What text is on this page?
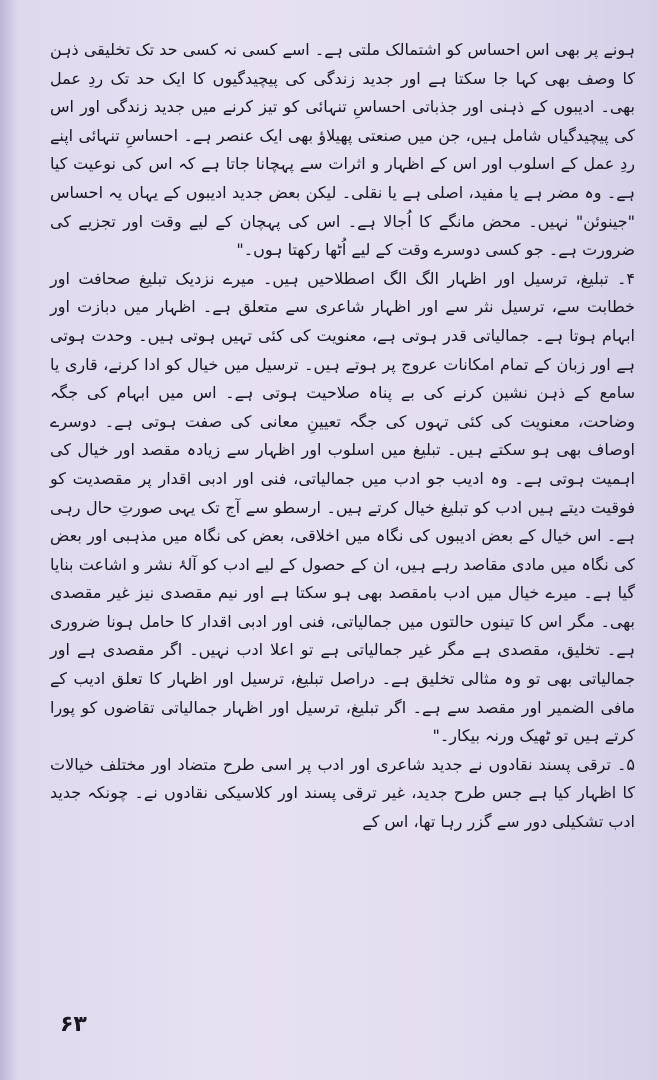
ہونے پر بھی اس احساس کو اشتمالک ملتی ہے۔ اسے کسی نہ کسی حد تک تخلیقی ذہن کا وصف بھی کہا جا سکتا ہے اور جدید زندگی کی پیچیدگیوں کا ایک حد تک ردِ عمل بھی۔ ادیبوں کے ذہنی اور جذباتی احساسِ تنہائی کو تیز کرنے میں جدید زندگی اور اس کی پیچیدگیاں شامل ہیں، جن میں صنعتی پھیلاؤ بھی ایک عنصر ہے۔ احساسِ تنہائی اپنے ردِ عمل کے اسلوب اور اس کے اظہار و اثرات سے پہچانا جاتا ہے کہ اس کی نوعیت کیا ہے۔ وہ مضر ہے یا مفید، اصلی ہے یا نقلی۔ لیکن بعض جدید ادیبوں کے یہاں یہ احساس "جینوئن" نہیں۔ محض مانگے کا اُجالا ہے۔ اس کی پہچان کے لیے وقت اور تجزیے کی ضرورت ہے۔ جو کسی دوسرے وقت کے لیے اُٹھا رکھتا ہوں۔"

۴۔ تبلیغ، ترسیل اور اظہار الگ الگ اصطلاحیں ہیں۔ میرے نزدیک تبلیغ صحافت اور خطابت سے، ترسیل نثر سے اور اظہار شاعری سے متعلق ہے۔ اظہار میں دبازت اور ابہام ہوتا ہے۔ جمالیاتی قدر ہوتی ہے، معنویت کی کئی تہیں ہوتی ہیں۔ وحدت ہوتی ہے اور زبان کے تمام امکانات عروج پر ہوتے ہیں۔ ترسیل میں خیال کو ادا کرنے، قاری یا سامع کے ذہن نشین کرنے کی بے پناہ صلاحیت ہوتی ہے۔ اس میں ابہام کی جگہ وضاحت، معنویت کی کئی تہوں کی جگہ تعیینِ معانی کی صفت ہوتی ہے۔ دوسرے اوصاف بھی ہو سکتے ہیں۔ تبلیغ میں اسلوب اور اظہار سے زیادہ مقصد اور خیال کی اہمیت ہوتی ہے۔ وہ ادیب جو ادب میں جمالیاتی، فنی اور ادبی اقدار پر مقصدیت کو فوقیت دیتے ہیں ادب کو تبلیغ خیال کرتے ہیں۔ ارسطو سے آج تک یہی صورتِ حال رہی ہے۔ اس خیال کے بعض ادیبوں کی نگاہ میں اخلاقی، بعض کی نگاہ میں مذہبی اور بعض کی نگاہ میں مادی مقاصد رہے ہیں، ان کے حصول کے لیے ادب کو آلۂ نشر و اشاعت بنایا گیا ہے۔ میرے خیال میں ادب بامقصد بھی ہو سکتا ہے اور نیم مقصدی نیز غیر مقصدی بھی۔ مگر اس کا تینوں حالتوں میں جمالیاتی، فنی اور ادبی اقدار کا حامل ہونا ضروری ہے۔ تخلیق، مقصدی ہے مگر غیر جمالیاتی ہے تو اعلا ادب نہیں۔ اگر مقصدی ہے اور جمالیاتی بھی تو وہ مثالی تخلیق ہے۔ دراصل تبلیغ، ترسیل اور اظہار کا تعلق ادیب کے مافی الضمیر اور مقصد سے ہے۔ اگر تبلیغ، ترسیل اور اظہار جمالیاتی تقاضوں کو پورا کرتے ہیں تو ٹھیک ورنہ بیکار۔"

۵۔ ترقی پسند نقادوں نے جدید شاعری اور ادب پر اسی طرح متضاد اور مختلف خیالات کا اظہار کیا ہے جس طرح جدید، غیر ترقی پسند اور کلاسیکی نقادوں نے۔ چونکہ جدید ادب تشکیلی دور سے گزر رہا تھا، اس کے

۶۳
